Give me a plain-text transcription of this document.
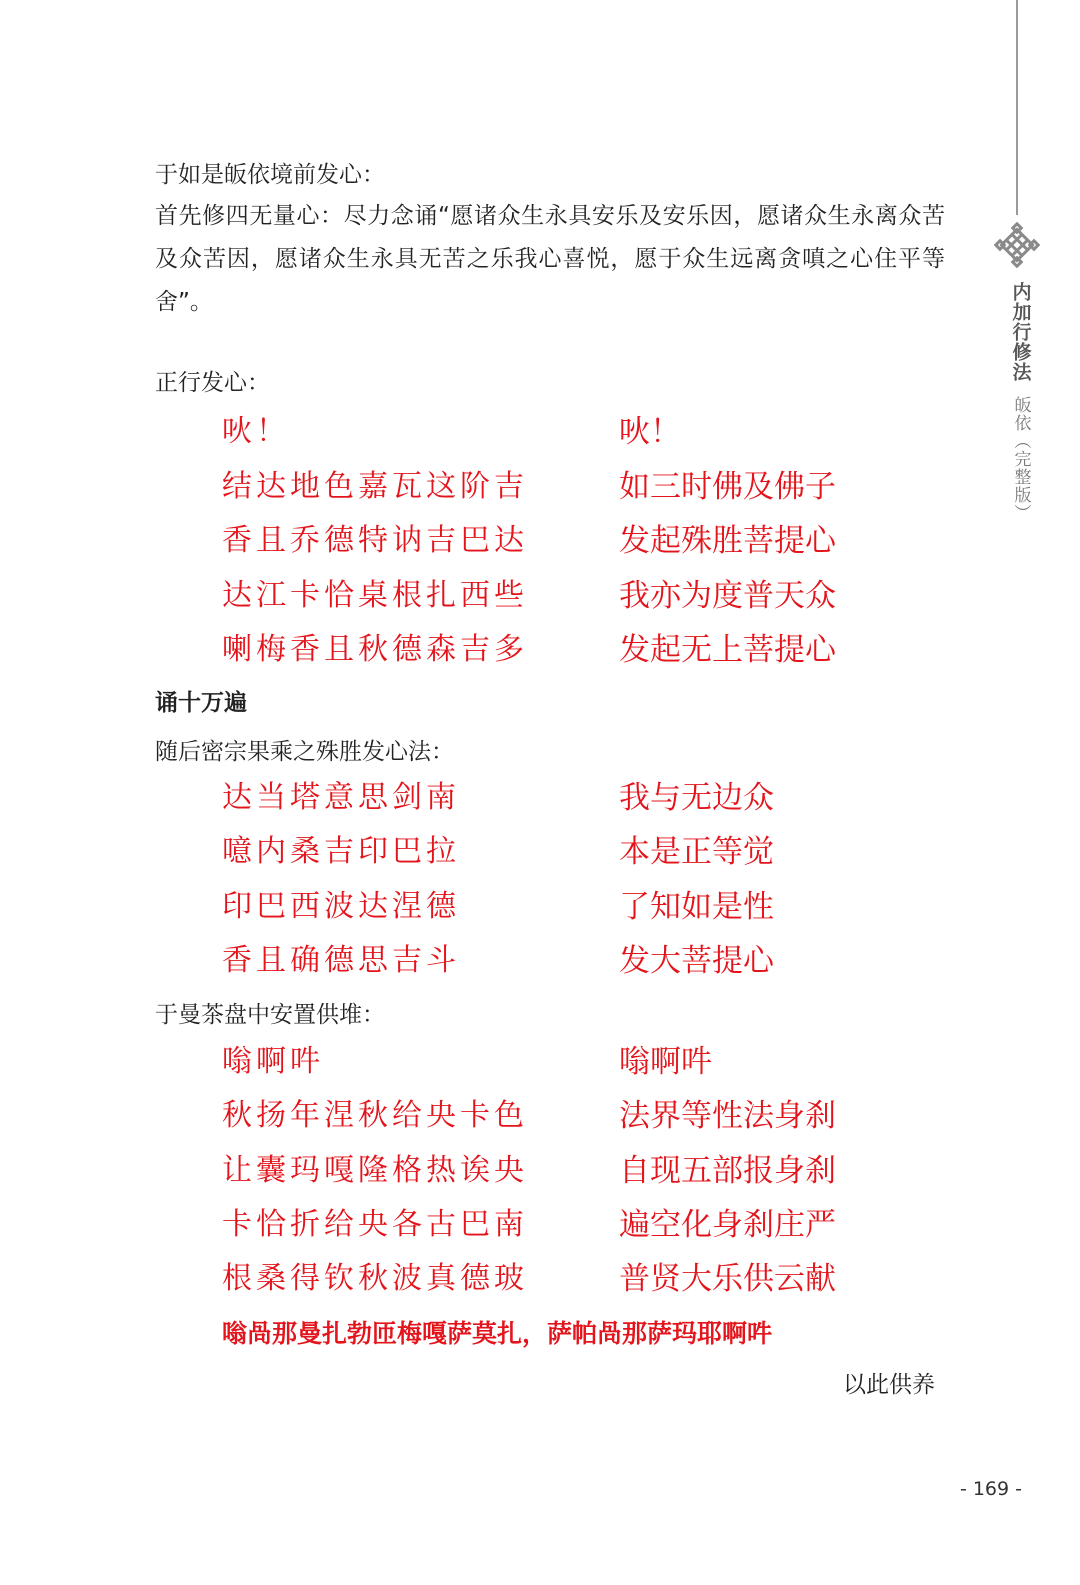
内加行修法
皈依（完整版）
于如是皈依境前发心：
首先修四无量心：尽力念诵“愿诸众生永具安乐及安乐因，愿诸众生永离众苦及众苦因，愿诸众生永具无苦之乐我心喜悦，愿于众生远离贪嗔之心住平等舍”。
正行发心：
吙！	吙！
结达地色嘉瓦这阶吉	如三时佛及佛子
香且乔德特讷吉巴达	发起殊胜菩提心
达江卡恰桌根扎西些	我亦为度普天众
喇梅香且秋德森吉多	发起无上菩提心
诵十万遍
随后密宗果乘之殊胜发心法：
达当塔意思剑南	我与无边众
噫内桑吉印巴拉	本是正等觉
印巴西波达涅德	了知如是性
香且确德思吉斗	发大菩提心
于曼茶盘中安置供堆：
嗡啊吽	嗡啊吽
秋扬年涅秋给央卡色	法界等性法身刹
让囊玛嘎隆格热诶央	自现五部报身刹
卡恰折给央各古巴南	遍空化身刹庄严
根桑得钦秋波真德玻	普贤大乐供云献
嗡咼那曼扎勃匝梅嘎萨莫扎，萨帕咼那萨玛耶啊吽
以此供养
- 169 -
